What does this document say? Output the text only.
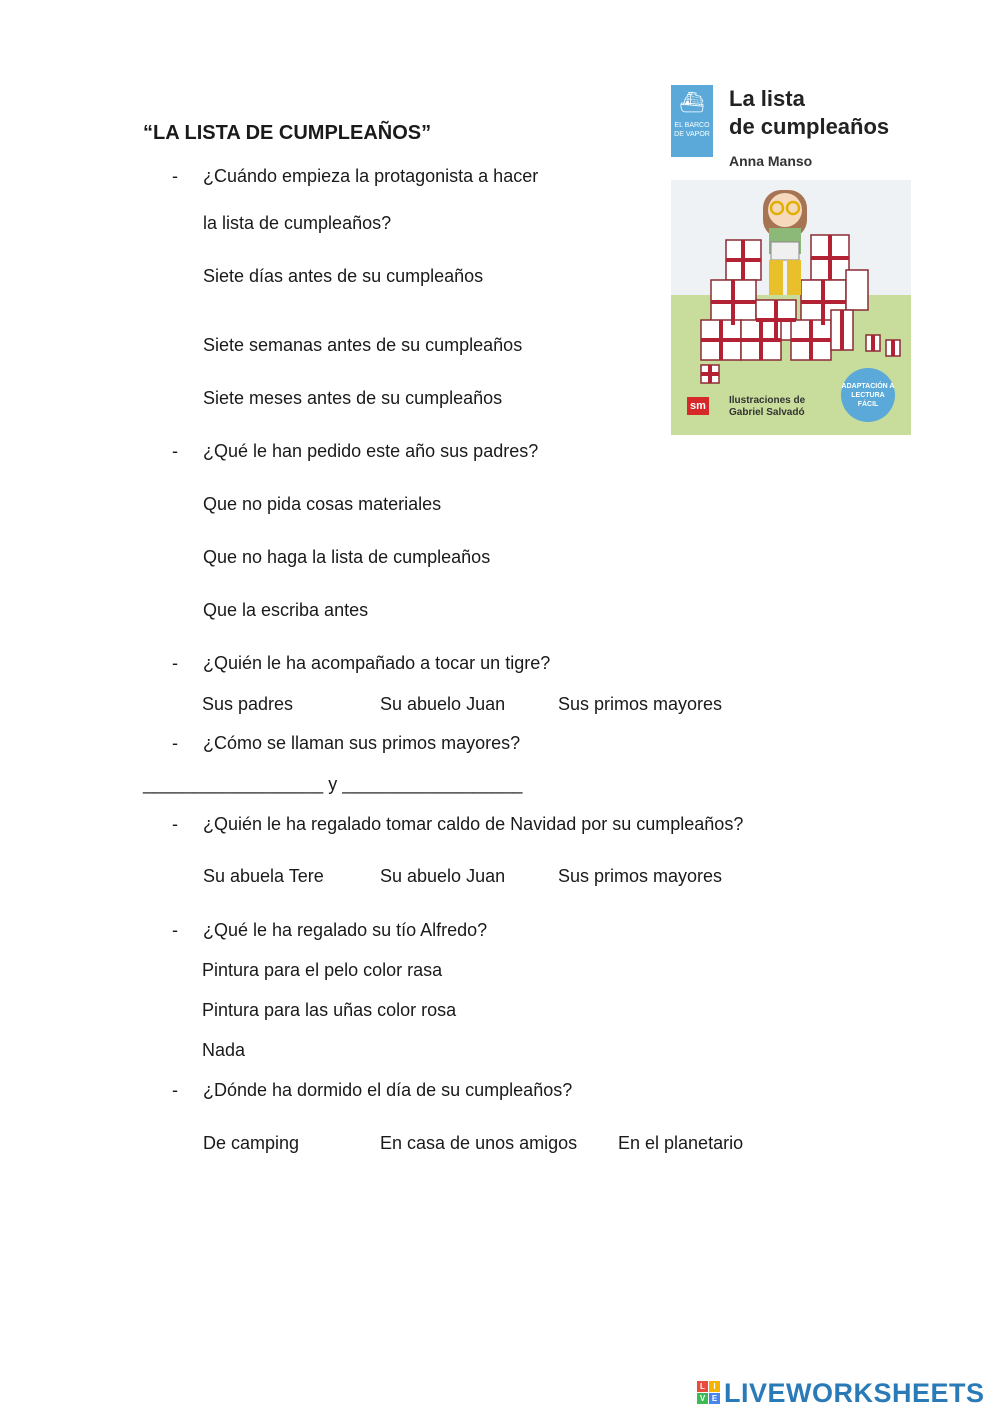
“LA LISTA DE CUMPLEAÑOS”
- ¿Cuándo empieza la protagonista a hacer
la lista de cumpleaños?
Siete días antes de su cumpleaños
Siete semanas antes de su cumpleaños
Siete meses antes de su cumpleaños
- ¿Qué le han pedido este año sus padres?
Que no pida cosas materiales
Que no haga la lista de cumpleaños
Que la escriba antes
- ¿Quién le ha acompañado a tocar un tigre?
Sus padres	Su abuelo Juan	Sus primos mayores
- ¿Cómo se llaman sus primos mayores?
__________________ y __________________
- ¿Quién le ha regalado tomar caldo de Navidad por su cumpleaños?
Su abuela Tere	Su abuelo Juan	Sus primos mayores
- ¿Qué le ha regalado su tío Alfredo?
Pintura para el pelo color rasa
Pintura para las uñas color rosa
Nada
- ¿Dónde ha dormido el día de su cumpleaños?
De camping	En casa de unos amigos En el planetario
⛴
EL BARCO DE VAPOR
La lista
de cumpleaños
Anna Manso
sm	Ilustraciones de Gabriel Salvadó
ADAPTACIÓN A LECTURA FÁCIL
L	I
V E LIVEWORKSHEETS
